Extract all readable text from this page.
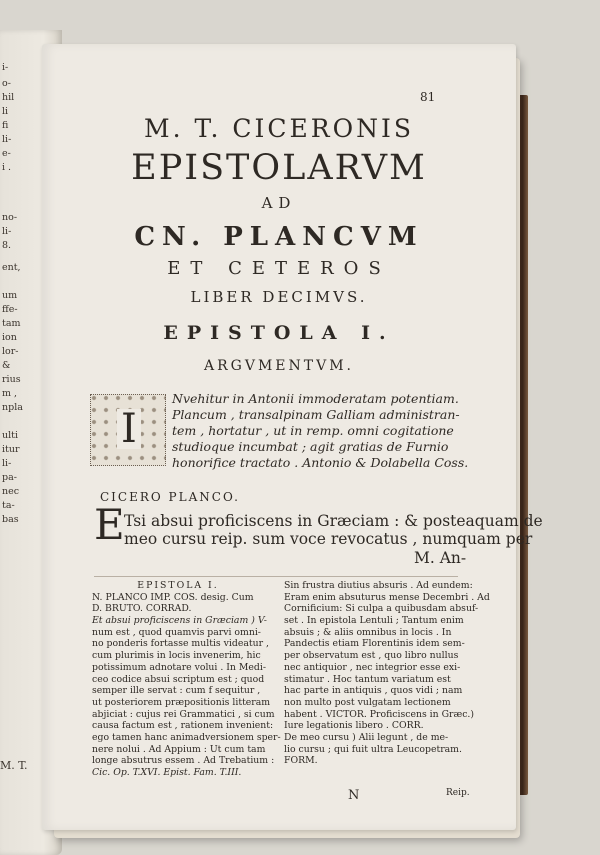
i-
o-
hil
li
fi
li-
e-
i .
no-
li-
8.
ent,
um
ffe-
tam
ion
lor-
&
rius
m ,
npla
ulti
itur
li-
pa-
nec
ta-
bas
M. T.
81
M. T. CICERONIS
EPISTOLARVM
AD
CN. PLANCVM
ET CETEROS
LIBER DECIMVS.
EPISTOLA I.
ARGVMENTVM.
I
Nvehitur in Antonii immoderatam potentiam.
Plancum , transalpinam Galliam administran-
tem , hortatur , ut in remp. omni cogitatione
studioque incumbat ; agit gratias de Furnio
honorifice tractato . Antonio & Dolabella Coss.
CICERO PLANCO.
E Tsi absui proficiscens in Græciam : & posteaquam de
meo cursu reip. sum voce revocatus , numquam per
M. An-
EPISTOLA I.
N. PLANCO IMP. COS. desig. Cum
D. BRUTO. CORRAD.
Et absui proficiscens in Græciam ) V-
num est , quod quamvis parvi omni-
no ponderis fortasse multis videatur ,
cum plurimis in locis invenerim, hic
potissimum adnotare volui . In Medi-
ceo codice absui scriptum est ; quod
semper ille servat : cum f sequitur ,
ut posteriorem præpositionis litteram
abjiciat : cujus rei Grammatici , si cum
causa factum est , rationem invenient:
ego tamen hanc animadversionem sper-
nere nolui . Ad Appium : Ut cum tam
longe absutrus essem . Ad Trebatium :
Cic. Op. T.XVI. Epist. Fam. T.III.
Sin frustra diutius absuris . Ad eundem:
Eram enim absuturus mense Decembri . Ad
Cornificium: Si culpa a quibusdam absuf-
set . In epistola Lentuli ; Tantum enim
absuis ; & aliis omnibus in locis . In
Pandectis etiam Florentinis idem sem-
per observatum est , quo libro nullus
nec antiquior , nec integrior esse exi-
stimatur . Hoc tantum variatum est
hac parte in antiquis , quos vidi ; nam
non multo post vulgatam lectionem
habent . VICTOR. Proficiscens in Græc.)
Iure legationis libero . CORR.
De meo cursu ) Alii legunt , de me-
lio cursu ; qui fuit ultra Leucopetram.
FORM.
N	Reip.
